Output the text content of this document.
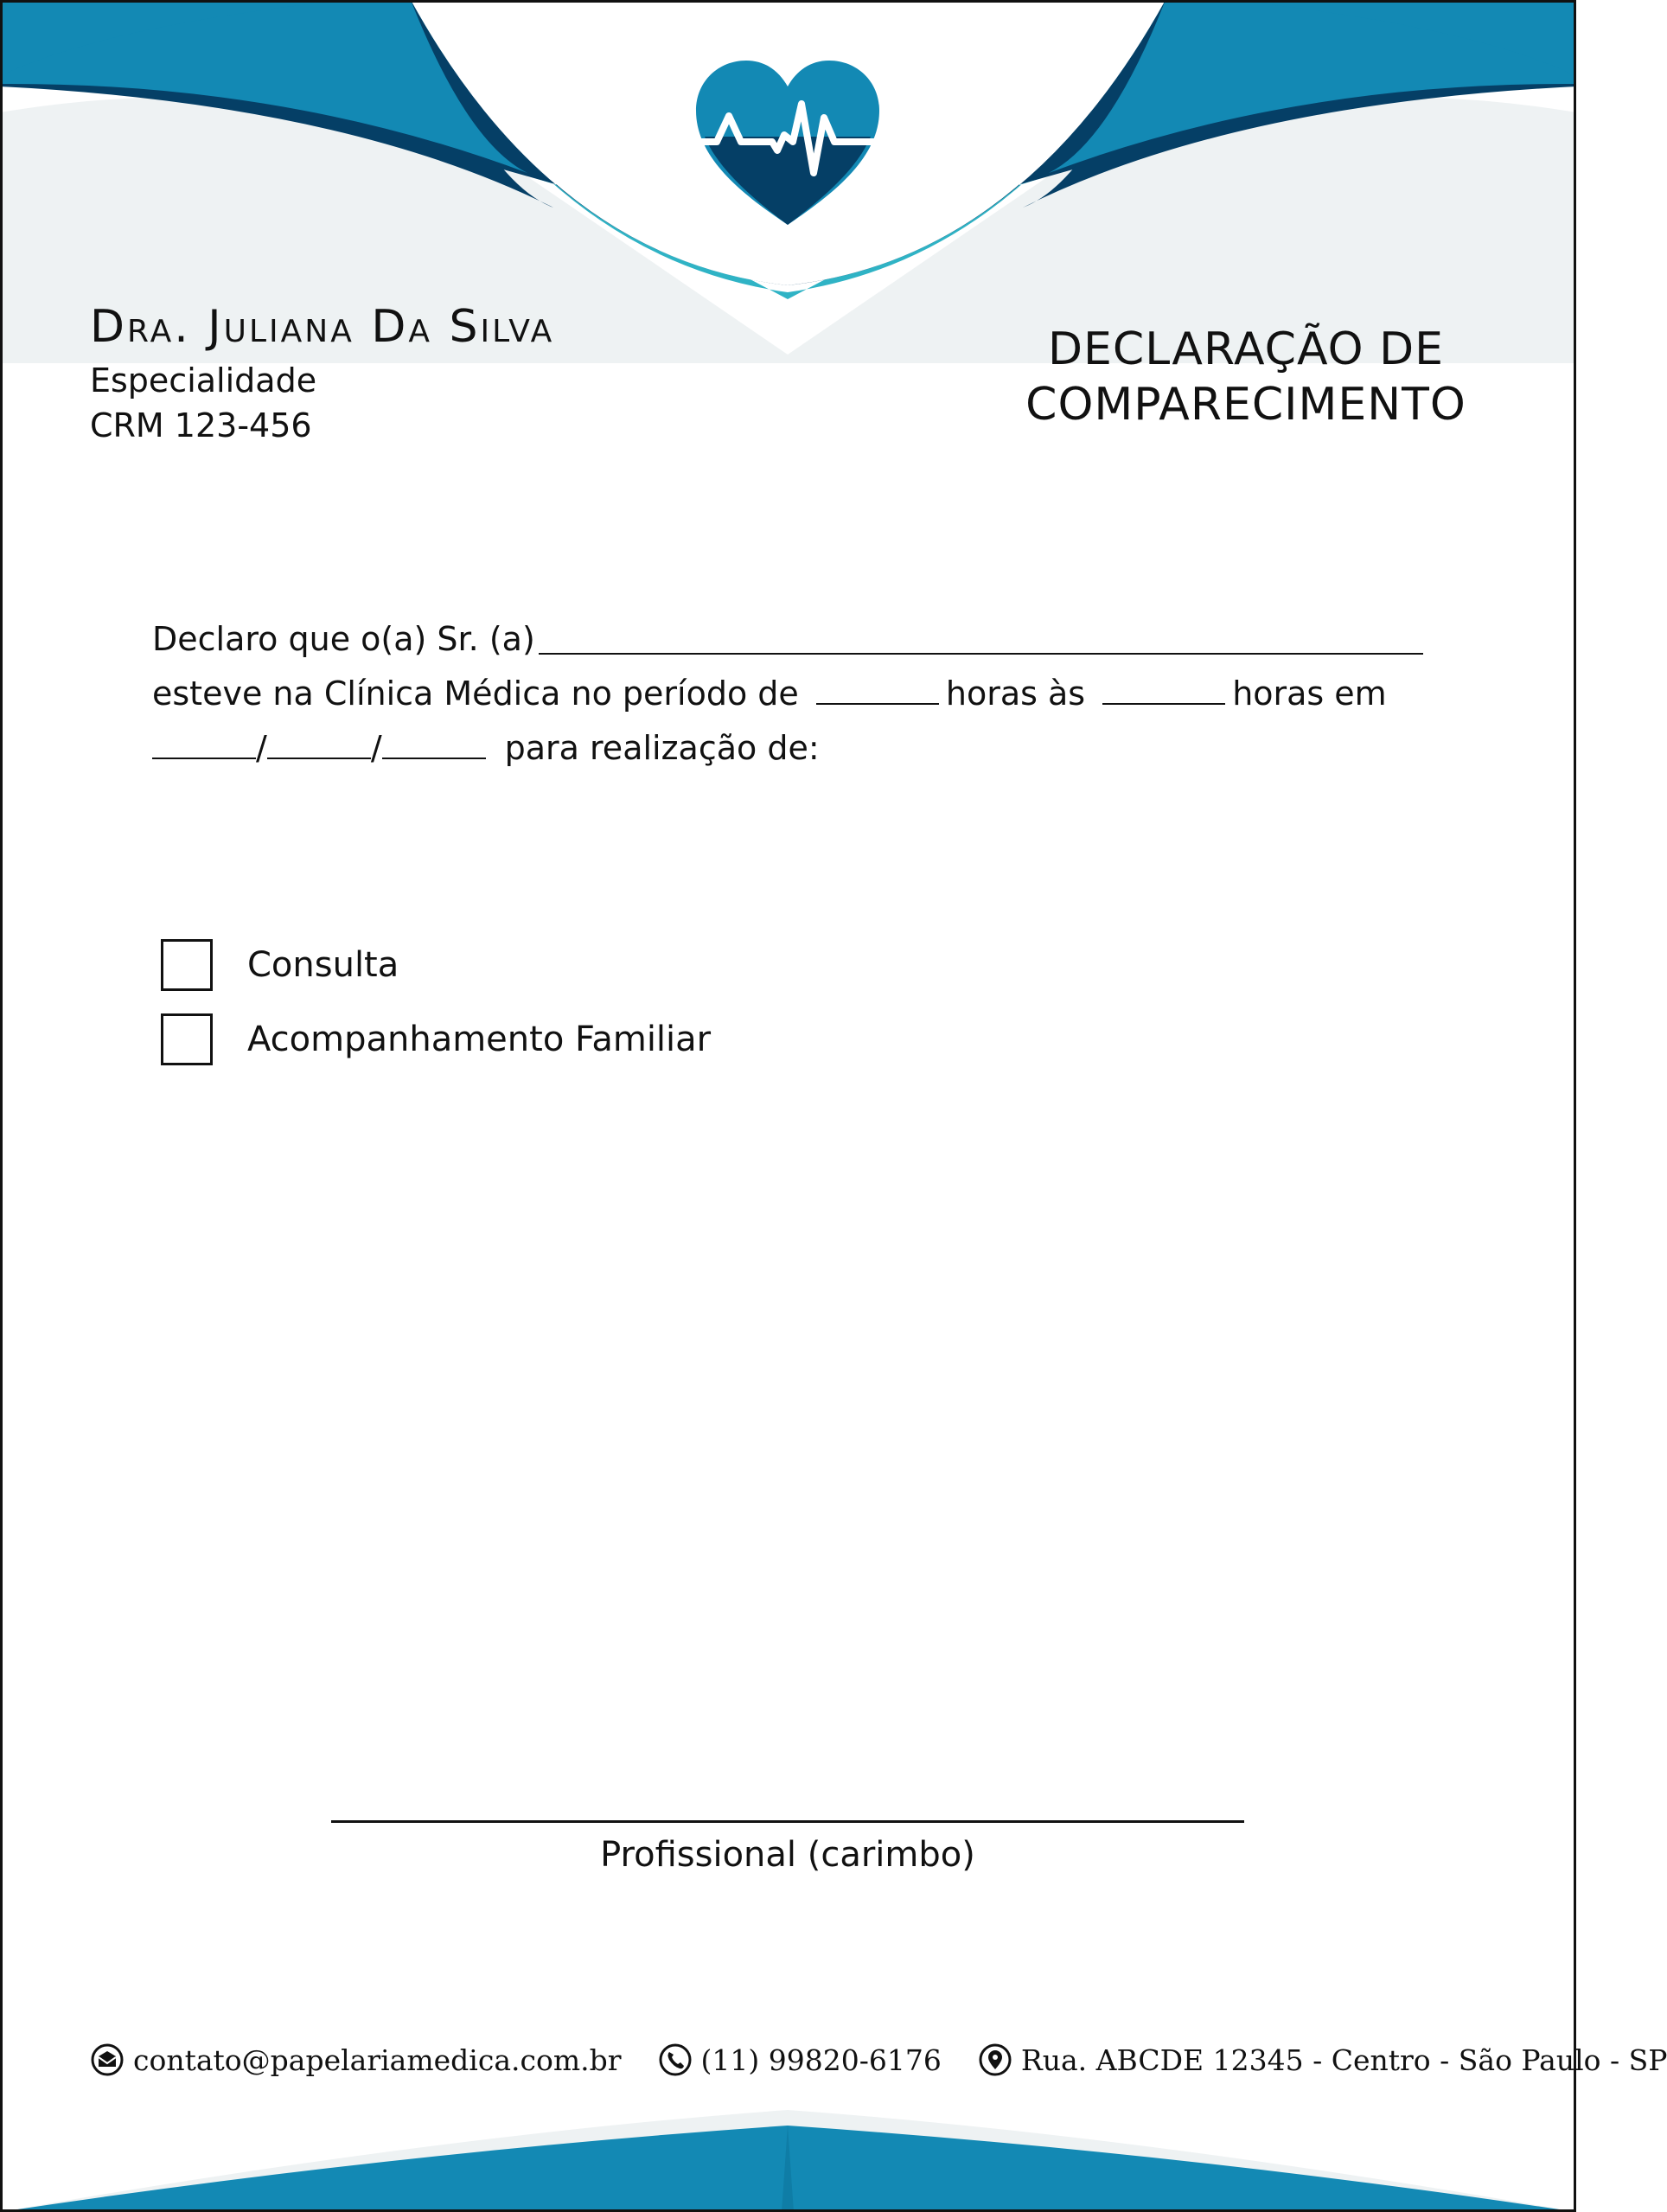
Dra. Juliana Da Silva
Especialidade
CRM 123-456
DECLARAÇÃO DE COMPARECIMENTO
Declaro que o(a) Sr. (a)
esteve na Clínica Médica no período de	horas às	horas em
/	/	para realização de:
Consulta
Acompanhamento Familiar
Profissional (carimbo)
contato@papelariamedica.com.br	(11) 99820-6176	Rua. ABCDE 12345 - Centro - São Paulo - SP
